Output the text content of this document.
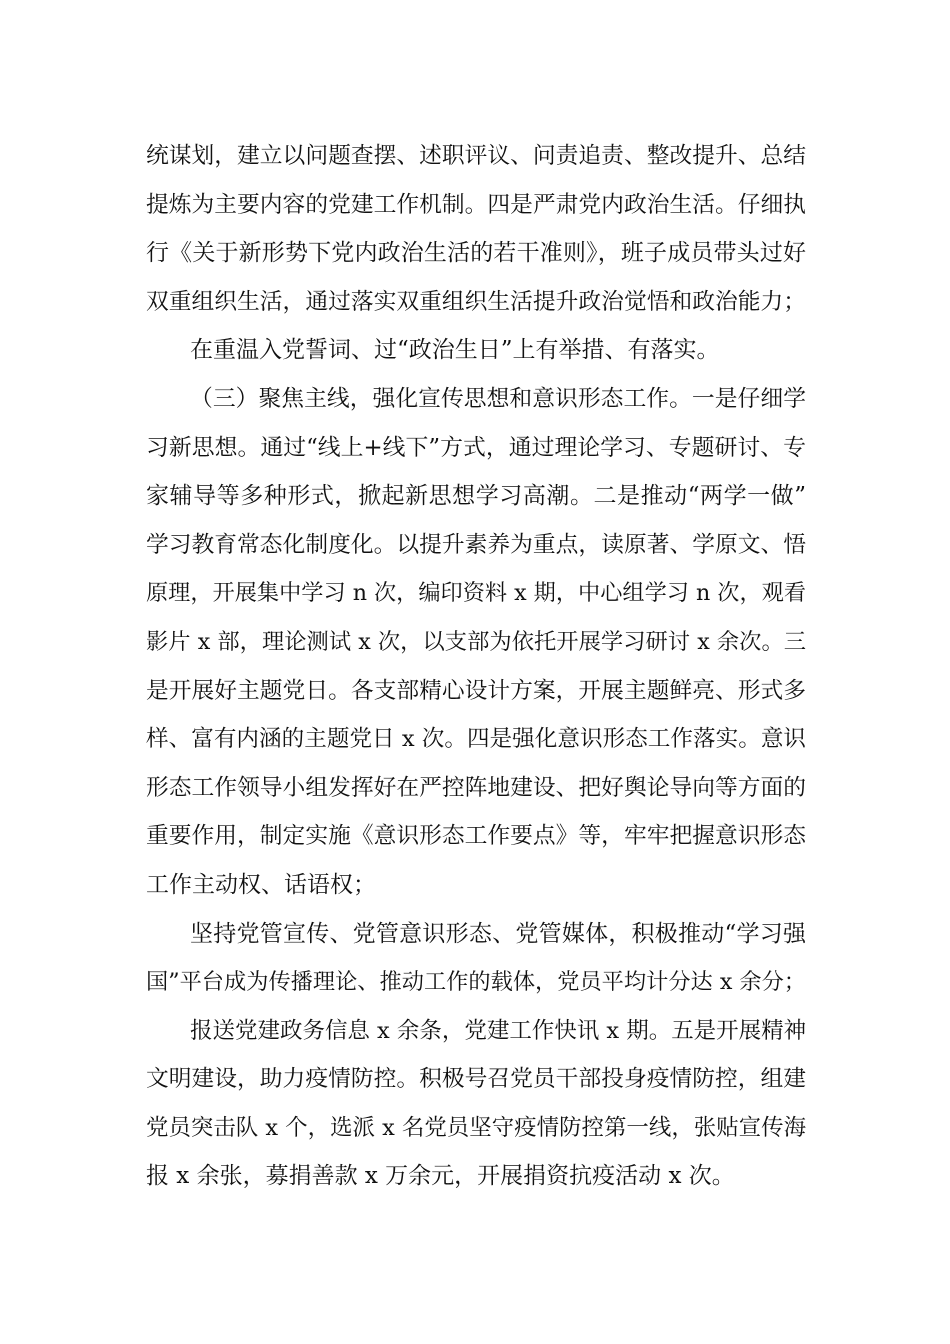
统谋划，建立以问题查摆、述职评议、问责追责、整改提升、总结
提炼为主要内容的党建工作机制。四是严肃党内政治生活。仔细执
行《关于新形势下党内政治生活的若干准则》，班子成员带头过好
双重组织生活，通过落实双重组织生活提升政治觉悟和政治能力；
在重温入党誓词、过“政治生日”上有举措、有落实。
（三）聚焦主线，强化宣传思想和意识形态工作。一是仔细学
习新思想。通过“线上+线下”方式，通过理论学习、专题研讨、专
家辅导等多种形式，掀起新思想学习高潮。二是推动“两学一做”
学习教育常态化制度化。以提升素养为重点，读原著、学原文、悟
原理，开展集中学习 n 次，编印资料 x 期，中心组学习 n 次，观看
影片 x 部，理论测试 x 次，以支部为依托开展学习研讨 x 余次。三
是开展好主题党日。各支部精心设计方案，开展主题鲜亮、形式多
样、富有内涵的主题党日 x 次。四是强化意识形态工作落实。意识
形态工作领导小组发挥好在严控阵地建设、把好舆论导向等方面的
重要作用，制定实施《意识形态工作要点》等，牢牢把握意识形态
工作主动权、话语权；
坚持党管宣传、党管意识形态、党管媒体，积极推动“学习强
国”平台成为传播理论、推动工作的载体，党员平均计分达 x 余分；
报送党建政务信息 x 余条，党建工作快讯 x 期。五是开展精神
文明建设，助力疫情防控。积极号召党员干部投身疫情防控，组建
党员突击队 x 个，选派 x 名党员坚守疫情防控第一线，张贴宣传海
报 x 余张，募捐善款 x 万余元，开展捐资抗疫活动 x 次。
